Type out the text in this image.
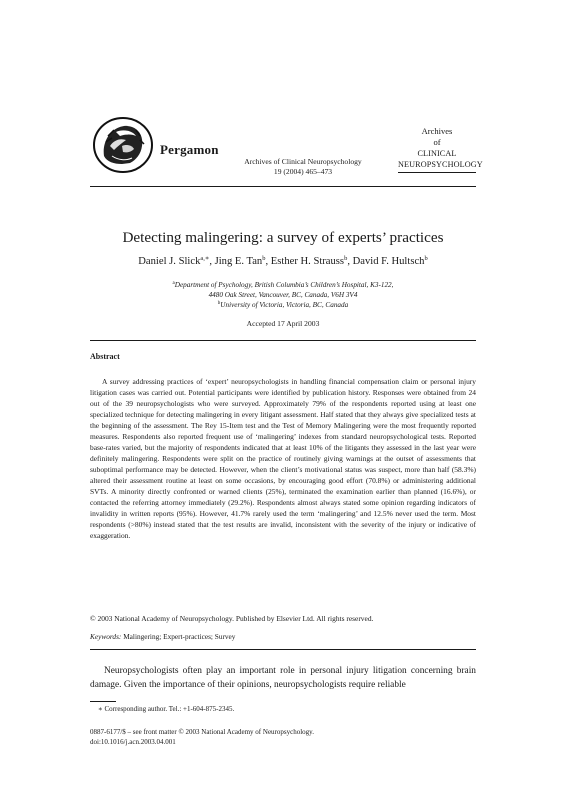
Pergamon
Archives of Clinical Neuropsychology
19 (2004) 465–473
Archives
of
CLINICAL
NEUROPSYCHOLOGY
Detecting malingering: a survey of experts’ practices
Daniel J. Slick$^{a,∗}$, Jing E. Tan$^b$, Esther H. Strauss$^b$, David F. Hultsch$^b$
$^a$Department of Psychology, British Columbia’s Children’s Hospital, K3-122,
4480 Oak Street, Vancouver, BC, Canada, V6H 3V4
$^b$University of Victoria, Victoria, BC, Canada
Accepted 17 April 2003
Abstract
A survey addressing practices of ‘expert’ neuropsychologists in handling financial compensation claim or personal injury litigation cases was carried out. Potential participants were identified by publication history. Responses were obtained from 24 out of the 39 neuropsychologists who were surveyed. Approximately 79% of the respondents reported using at least one specialized technique for detecting malingering in every litigant assessment. Half stated that they always give specialized tests at the beginning of the assessment. The Rey 15-Item test and the Test of Memory Malingering were the most frequently reported measures. Respondents also reported frequent use of ‘malingering’ indexes from standard neuropsychological tests. Reported base-rates varied, but the majority of respondents indicated that at least 10% of the litigants they assessed in the last year were definitely malingering. Respondents were split on the practice of routinely giving warnings at the outset of assessments that suboptimal performance may be detected. However, when the client’s motivational status was suspect, more than half (58.3%) altered their assessment routine at least on some occasions, by encouraging good effort (70.8%) or administering additional SVTs. A minority directly confronted or warned clients (25%), terminated the examination earlier than planned (16.6%), or contacted the referring attorney immediately (29.2%). Respondents almost always stated some opinion regarding indicators of invalidity in written reports (95%). However, 41.7% rarely used the term ‘malingering’ and 12.5% never used the term. Most respondents (>80%) instead stated that the test results are invalid, inconsistent with the severity of the injury or indicative of exaggeration.
© 2003 National Academy of Neuropsychology. Published by Elsevier Ltd. All rights reserved.
Keywords: Malingering; Expert-practices; Survey
Neuropsychologists often play an important role in personal injury litigation concerning brain damage. Given the importance of their opinions, neuropsychologists require reliable
∗ Corresponding author. Tel.: +1-604-875-2345.
0887-6177/$ – see front matter © 2003 National Academy of Neuropsychology.
doi:10.1016/j.acn.2003.04.001
